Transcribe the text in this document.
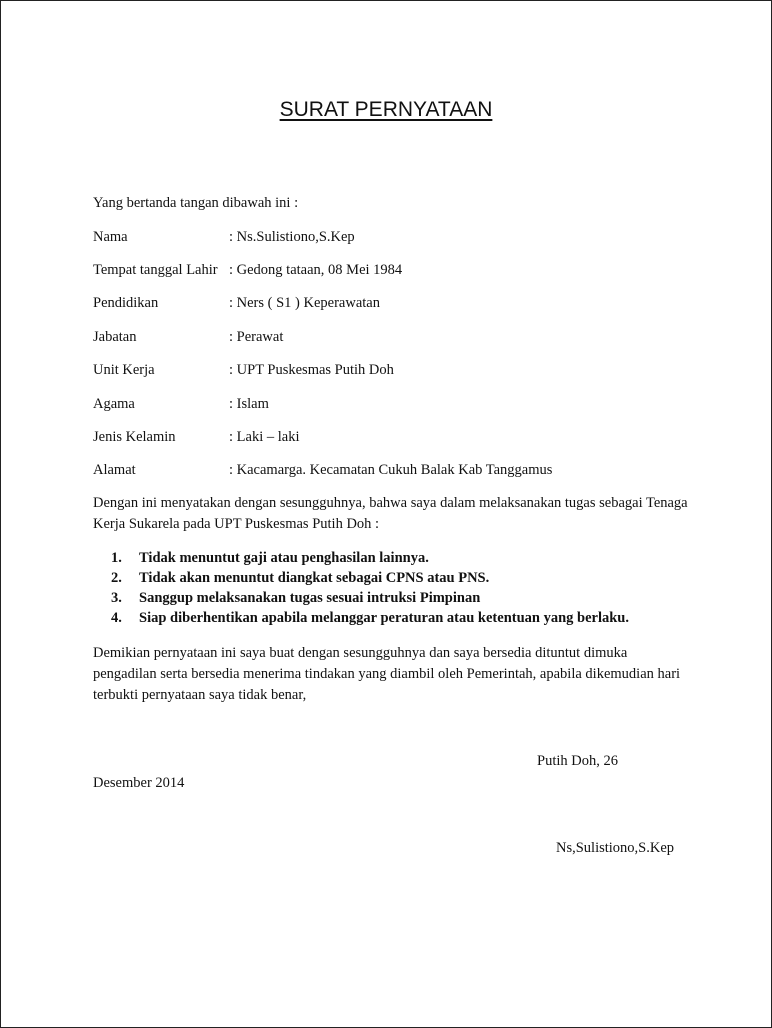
SURAT PERNYATAAN
Yang bertanda tangan dibawah ini :
Nama	: Ns.Sulistiono,S.Kep
Tempat tanggal Lahir : Gedong tataan, 08 Mei 1984
Pendidikan	: Ners ( S1 ) Keperawatan
Jabatan	: Perawat
Unit Kerja	: UPT Puskesmas Putih Doh
Agama	: Islam
Jenis Kelamin	: Laki – laki
Alamat	: Kacamarga. Kecamatan Cukuh Balak Kab Tanggamus
Dengan ini menyatakan dengan sesungguhnya, bahwa saya dalam melaksanakan tugas sebagai Tenaga Kerja Sukarela pada UPT Puskesmas Putih Doh :
1. Tidak menuntut gaji atau penghasilan lainnya.
2. Tidak akan menuntut diangkat sebagai CPNS atau PNS.
3. Sanggup melaksanakan tugas sesuai intruksi Pimpinan
4. Siap diberhentikan apabila melanggar peraturan atau ketentuan yang berlaku.
Demikian pernyataan ini saya buat dengan sesungguhnya dan saya bersedia dituntut dimuka pengadilan serta bersedia menerima tindakan yang diambil oleh Pemerintah, apabila dikemudian hari terbukti pernyataan saya tidak benar,
Putih Doh, 26
Desember 2014
Ns,Sulistiono,S.Kep
